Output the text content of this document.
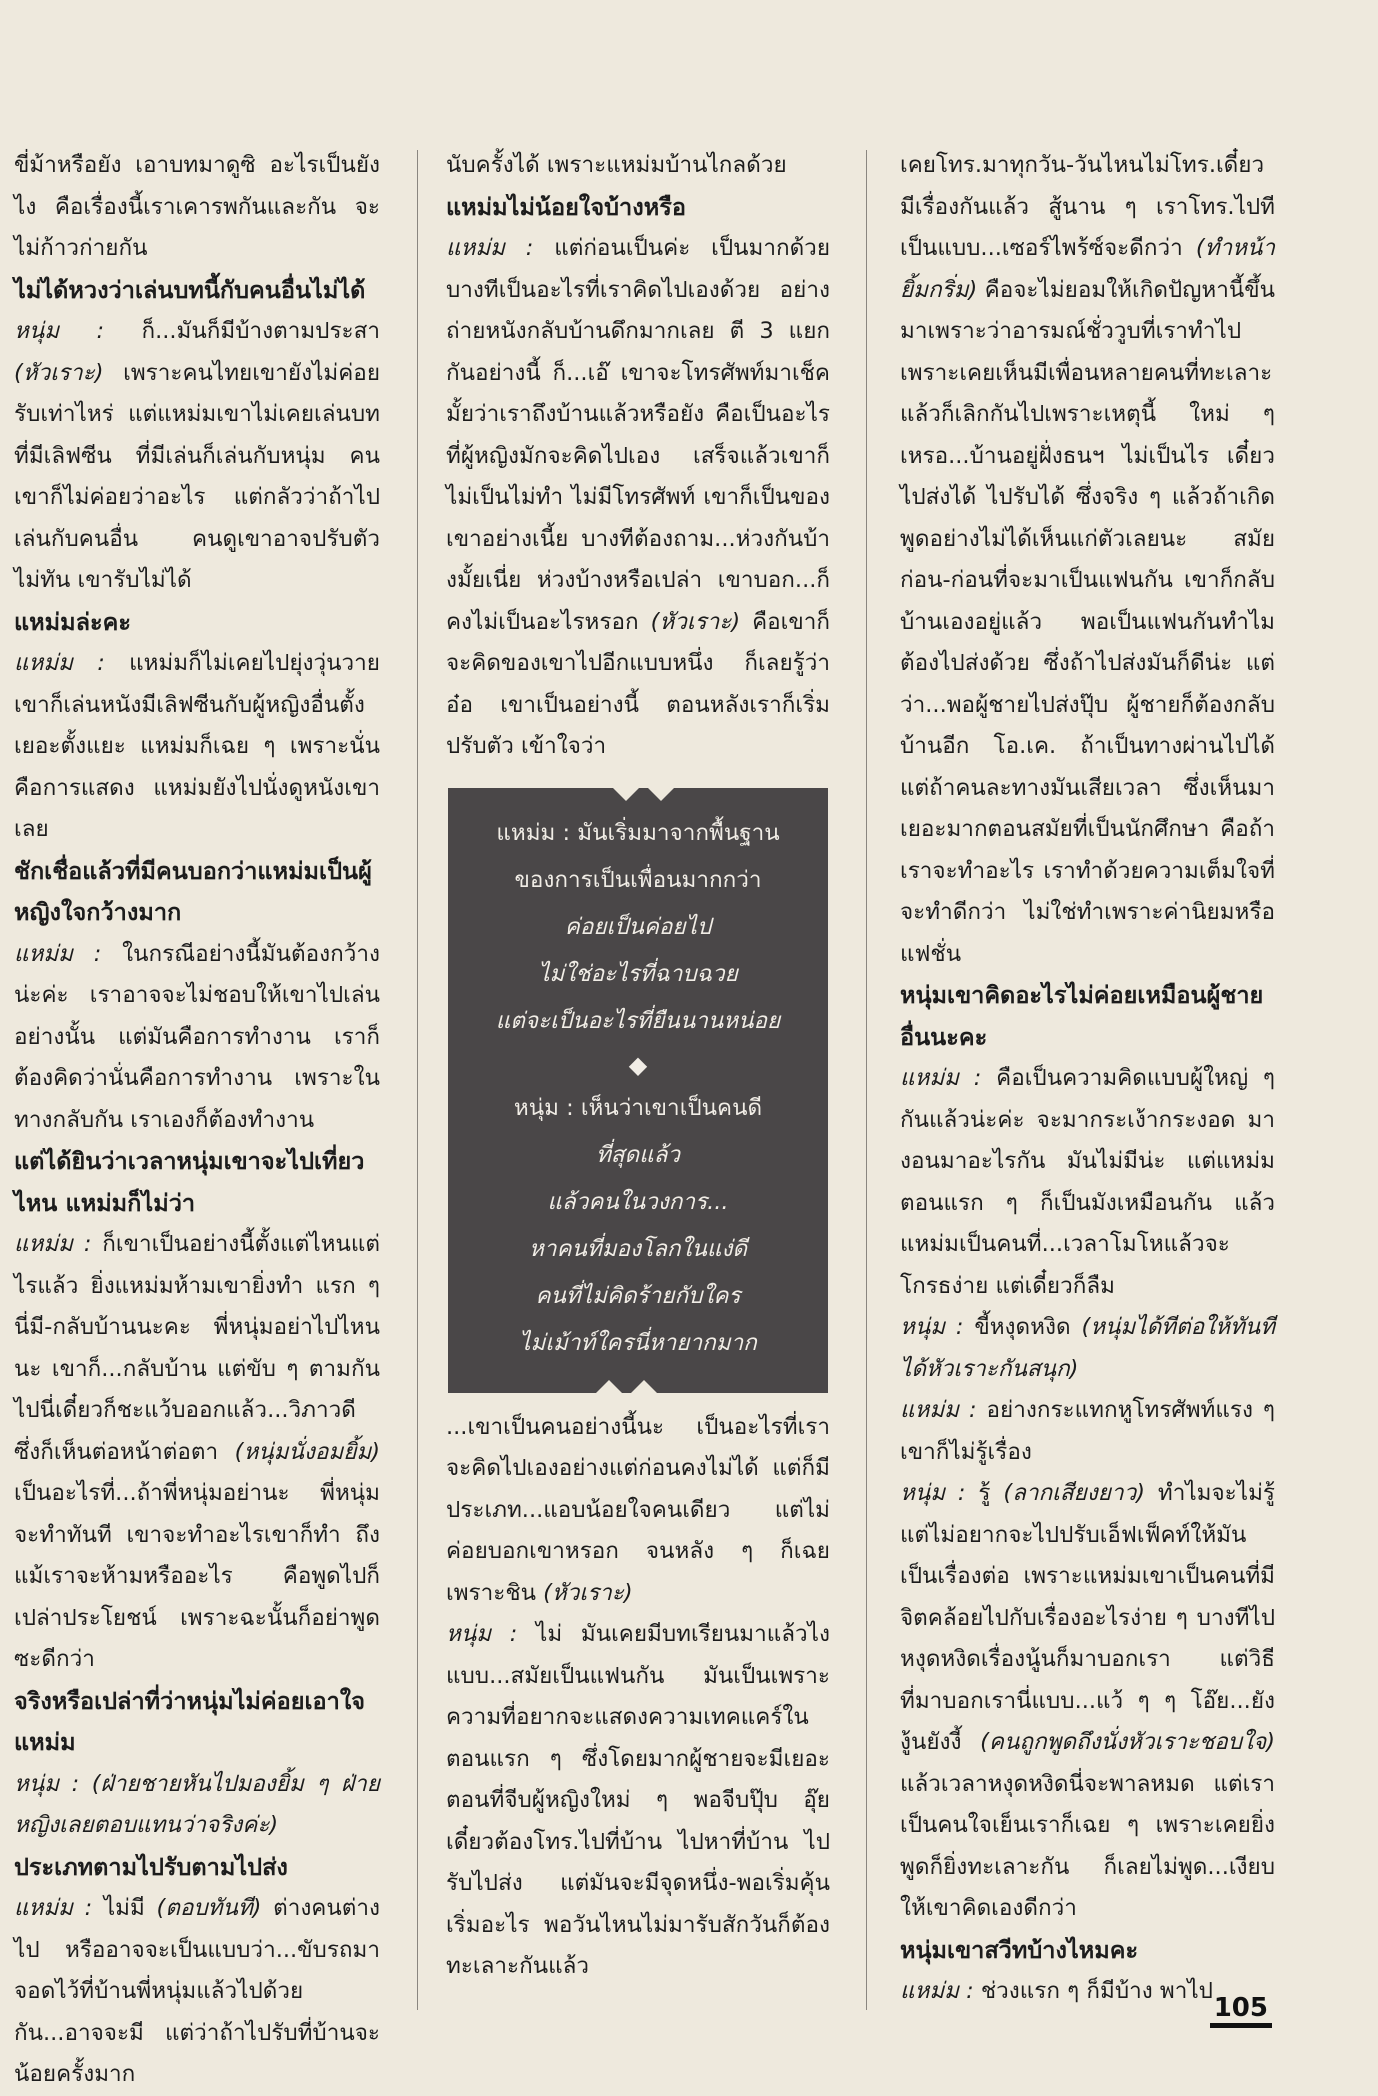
ขี่ม้าหรือยัง เอาบทมาดูซิ อะไรเป็นยังไง คือเรื่องนี้เราเคารพกันและกัน จะไม่ก้าวก่ายกัน

ไม่ได้หวงว่าเล่นบทนี้กับคนอื่นไม่ได้

หนุ่ม : ก็...มันก็มีบ้างตามประสา (หัวเราะ) เพราะคนไทยเขายังไม่ค่อยรับเท่าไหร่ แต่แหม่มเขาไม่เคยเล่นบทที่มีเลิฟซีน ที่มีเล่นก็เล่นกับหนุ่ม คนเขาก็ไม่ค่อยว่าอะไร แต่กลัวว่าถ้าไปเล่นกับคนอื่น คนดูเขาอาจปรับตัวไม่ทัน เขารับไม่ได้

แหม่มล่ะคะ

แหม่ม : แหม่มก็ไม่เคยไปยุ่งวุ่นวาย เขาก็เล่นหนังมีเลิฟซีนกับผู้หญิงอื่นตั้งเยอะตั้งแยะ แหม่มก็เฉย ๆ เพราะนั่นคือการแสดง แหม่มยังไปนั่งดูหนังเขาเลย

ชักเชื่อแล้วที่มีคนบอกว่าแหม่มเป็นผู้หญิงใจกว้างมาก

แหม่ม : ในกรณีอย่างนี้มันต้องกว้างน่ะค่ะ เราอาจจะไม่ชอบให้เขาไปเล่นอย่างนั้น แต่มันคือการทำงาน เราก็ต้องคิดว่านั่นคือการทำงาน เพราะในทางกลับกัน เราเองก็ต้องทำงาน

แต่ได้ยินว่าเวลาหนุ่มเขาจะไปเที่ยวไหน แหม่มก็ไม่ว่า

แหม่ม : ก็เขาเป็นอย่างนี้ตั้งแต่ไหนแต่ไรแล้ว ยิ่งแหม่มห้ามเขายิ่งทำ แรก ๆ นี่มี-กลับบ้านนะคะ พี่หนุ่มอย่าไปไหนนะ เขาก็...กลับบ้าน แต่ขับ ๆ ตามกันไปนี่เดี๋ยวก็ชะแว้บออกแล้ว...วิภาวดี ซึ่งก็เห็นต่อหน้าต่อตา (หนุ่มนั่งอมยิ้ม) เป็นอะไรที่...ถ้าพี่หนุ่มอย่านะ พี่หนุ่มจะทำทันที เขาจะทำอะไรเขาก็ทำ ถึงแม้เราจะห้ามหรืออะไร คือพูดไปก็เปล่าประโยชน์ เพราะฉะนั้นก็อย่าพูดซะดีกว่า

จริงหรือเปล่าที่ว่าหนุ่มไม่ค่อยเอาใจแหม่ม

หนุ่ม : (ฝ่ายชายหันไปมองยิ้ม ๆ ฝ่ายหญิงเลยตอบแทนว่าจริงค่ะ)

ประเภทตามไปรับตามไปส่ง

แหม่ม : ไม่มี (ตอบทันที) ต่างคนต่างไป หรืออาจจะเป็นแบบว่า...ขับรถมาจอดไว้ที่บ้านพี่หนุ่มแล้วไปด้วยกัน...อาจจะมี แต่ว่าถ้าไปรับที่บ้านจะน้อยครั้งมาก

นับครั้งได้ เพราะแหม่มบ้านไกลด้วย

แหม่มไม่น้อยใจบ้างหรือ

แหม่ม : แต่ก่อนเป็นค่ะ เป็นมากด้วย บางทีเป็นอะไรที่เราคิดไปเองด้วย อย่างถ่ายหนังกลับบ้านดึกมากเลย ตี 3 แยกกันอย่างนี้ ก็...เอ๊ เขาจะโทรศัพท์มาเช็คมั้ยว่าเราถึงบ้านแล้วหรือยัง คือเป็นอะไรที่ผู้หญิงมักจะคิดไปเอง เสร็จแล้วเขาก็ไม่เป็นไม่ทำ ไม่มีโทรศัพท์ เขาก็เป็นของเขาอย่างเนี้ย บางทีต้องถาม...ห่วงกันบ้างมั้ยเนี่ย ห่วงบ้างหรือเปล่า เขาบอก...ก็คงไม่เป็นอะไรหรอก (หัวเราะ) คือเขาก็จะคิดของเขาไปอีกแบบหนึ่ง ก็เลยรู้ว่า อ๋อ เขาเป็นอย่างนี้ ตอนหลังเราก็เริ่มปรับตัว เข้าใจว่า

แหม่ม : มันเริ่มมาจากพื้นฐาน
ของการเป็นเพื่อนมากกว่า
ค่อยเป็นค่อยไป
ไม่ใช่อะไรที่ฉาบฉวย
แต่จะเป็นอะไรที่ยืนนานหน่อย
◆
หนุ่ม : เห็นว่าเขาเป็นคนดี
ที่สุดแล้ว
แล้วคนในวงการ...
หาคนที่มองโลกในแง่ดี
คนที่ไม่คิดร้ายกับใคร
ไม่เม้าท์ใครนี่หายากมาก

...เขาเป็นคนอย่างนี้นะ เป็นอะไรที่เราจะคิดไปเองอย่างแต่ก่อนคงไม่ได้ แต่ก็มีประเภท...แอบน้อยใจคนเดียว แต่ไม่ค่อยบอกเขาหรอก จนหลัง ๆ ก็เฉย เพราะชิน (หัวเราะ)

หนุ่ม : ไม่ มันเคยมีบทเรียนมาแล้วไง แบบ...สมัยเป็นแฟนกัน มันเป็นเพราะความที่อยากจะแสดงความเทคแคร์ในตอนแรก ๆ ซึ่งโดยมากผู้ชายจะมีเยอะ ตอนที่จีบผู้หญิงใหม่ ๆ พอจีบปุ๊บ อุ๊ย เดี๋ยวต้องโทร.ไปที่บ้าน ไปหาที่บ้าน ไปรับไปส่ง แต่มันจะมีจุดหนึ่ง-พอเริ่มคุ้นเริ่มอะไร พอวันไหนไม่มารับสักวันก็ต้องทะเลาะกันแล้ว

เคยโทร.มาทุกวัน-วันไหนไม่โทร.เดี๋ยวมีเรื่องกันแล้ว สู้นาน ๆ เราโทร.ไปทีเป็นแบบ...เซอร์ไพร้ซ์จะดีกว่า (ทำหน้ายิ้มกริ่ม) คือจะไม่ยอมให้เกิดปัญหานี้ขึ้นมาเพราะว่าอารมณ์ชั่ววูบที่เราทำไป เพราะเคยเห็นมีเพื่อนหลายคนที่ทะเลาะแล้วก็เลิกกันไปเพราะเหตุนี้ ใหม่ ๆ เหรอ...บ้านอยู่ฝั่งธนฯ ไม่เป็นไร เดี๋ยวไปส่งได้ ไปรับได้ ซึ่งจริง ๆ แล้วถ้าเกิดพูดอย่างไม่ได้เห็นแก่ตัวเลยนะ สมัยก่อน-ก่อนที่จะมาเป็นแฟนกัน เขาก็กลับบ้านเองอยู่แล้ว พอเป็นแฟนกันทำไมต้องไปส่งด้วย ซึ่งถ้าไปส่งมันก็ดีน่ะ แต่ว่า...พอผู้ชายไปส่งปุ๊บ ผู้ชายก็ต้องกลับบ้านอีก โอ.เค. ถ้าเป็นทางผ่านไปได้ แต่ถ้าคนละทางมันเสียเวลา ซึ่งเห็นมาเยอะมากตอนสมัยที่เป็นนักศึกษา คือถ้าเราจะทำอะไร เราทำด้วยความเต็มใจที่จะทำดีกว่า ไม่ใช่ทำเพราะค่านิยมหรือแฟชั่น

หนุ่มเขาคิดอะไรไม่ค่อยเหมือนผู้ชายอื่นนะคะ

แหม่ม : คือเป็นความคิดแบบผู้ใหญ่ ๆ กันแล้วน่ะค่ะ จะมากระเง้ากระงอด มางอนมาอะไรกัน มันไม่มีน่ะ แต่แหม่มตอนแรก ๆ ก็เป็นมังเหมือนกัน แล้วแหม่มเป็นคนที่...เวลาโมโหแล้วจะโกรธง่าย แต่เดี๋ยวก็ลืม

หนุ่ม : ขี้หงุดหงิด (หนุ่มได้ทีต่อให้ทันที ได้หัวเราะกันสนุก)

แหม่ม : อย่างกระแทกหูโทรศัพท์แรง ๆ เขาก็ไม่รู้เรื่อง

หนุ่ม : รู้ (ลากเสียงยาว) ทำไมจะไม่รู้ แต่ไม่อยากจะไปปรับเอ็ฟเฟ็คท์ให้มันเป็นเรื่องต่อ เพราะแหม่มเขาเป็นคนที่มีจิตคล้อยไปกับเรื่องอะไรง่าย ๆ บางทีไปหงุดหงิดเรื่องนู้นก็มาบอกเรา แต่วิธีที่มาบอกเรานี่แบบ...แว้ ๆ ๆ โอ๊ย...ยังงู้นยังงี้ (คนถูกพูดถึงนั่งหัวเราะชอบใจ) แล้วเวลาหงุดหงิดนี่จะพาลหมด แต่เราเป็นคนใจเย็นเราก็เฉย ๆ เพราะเคยยิ่งพูดก็ยิ่งทะเลาะกัน ก็เลยไม่พูด...เงียบ ให้เขาคิดเองดีกว่า

หนุ่มเขาสวีทบ้างไหมคะ

แหม่ม : ช่วงแรก ๆ ก็มีบ้าง พาไป

105
